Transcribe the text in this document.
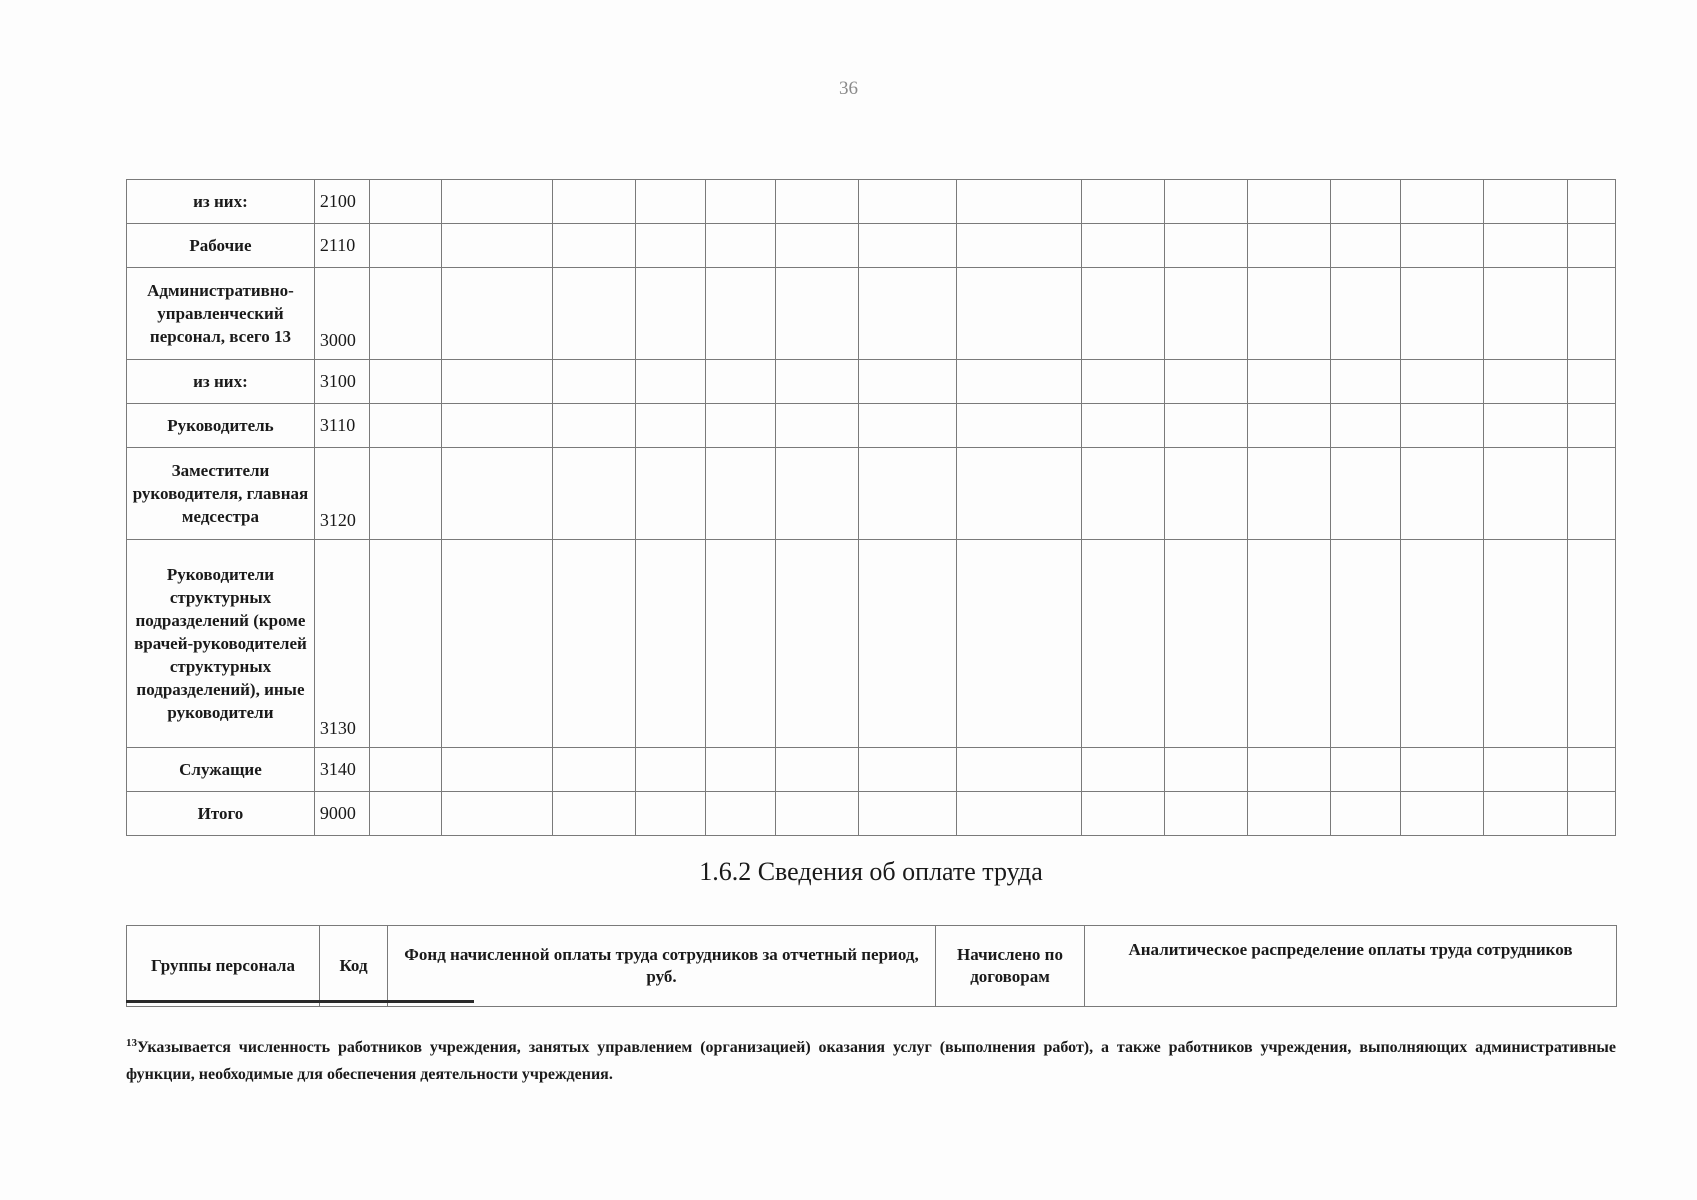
36
из них:	2100															
Рабочие	2110															
Административно-управленческий персонал, всего 13	3000															
из них:	3100															
Руководитель	3110															
Заместители руководителя, главная медсестра	3120															
Руководители структурных подразделений (кроме врачей-руководителей структурных подразделений), иные руководители	3130															
Служащие	3140															
Итого	9000															
1.6.2 Сведения об оплате труда
Группы персонала	Код	Фонд начисленной оплаты труда сотрудников за отчетный период, руб.	Начислено по договорам	Аналитическое распределение оплаты труда сотрудников
$^{13}$Указывается численность работников учреждения, занятых управлением (организацией) оказания услуг (выполнения работ), а также работников учреждения, выполняющих административные функции, необходимые для обеспечения деятельности учреждения.
